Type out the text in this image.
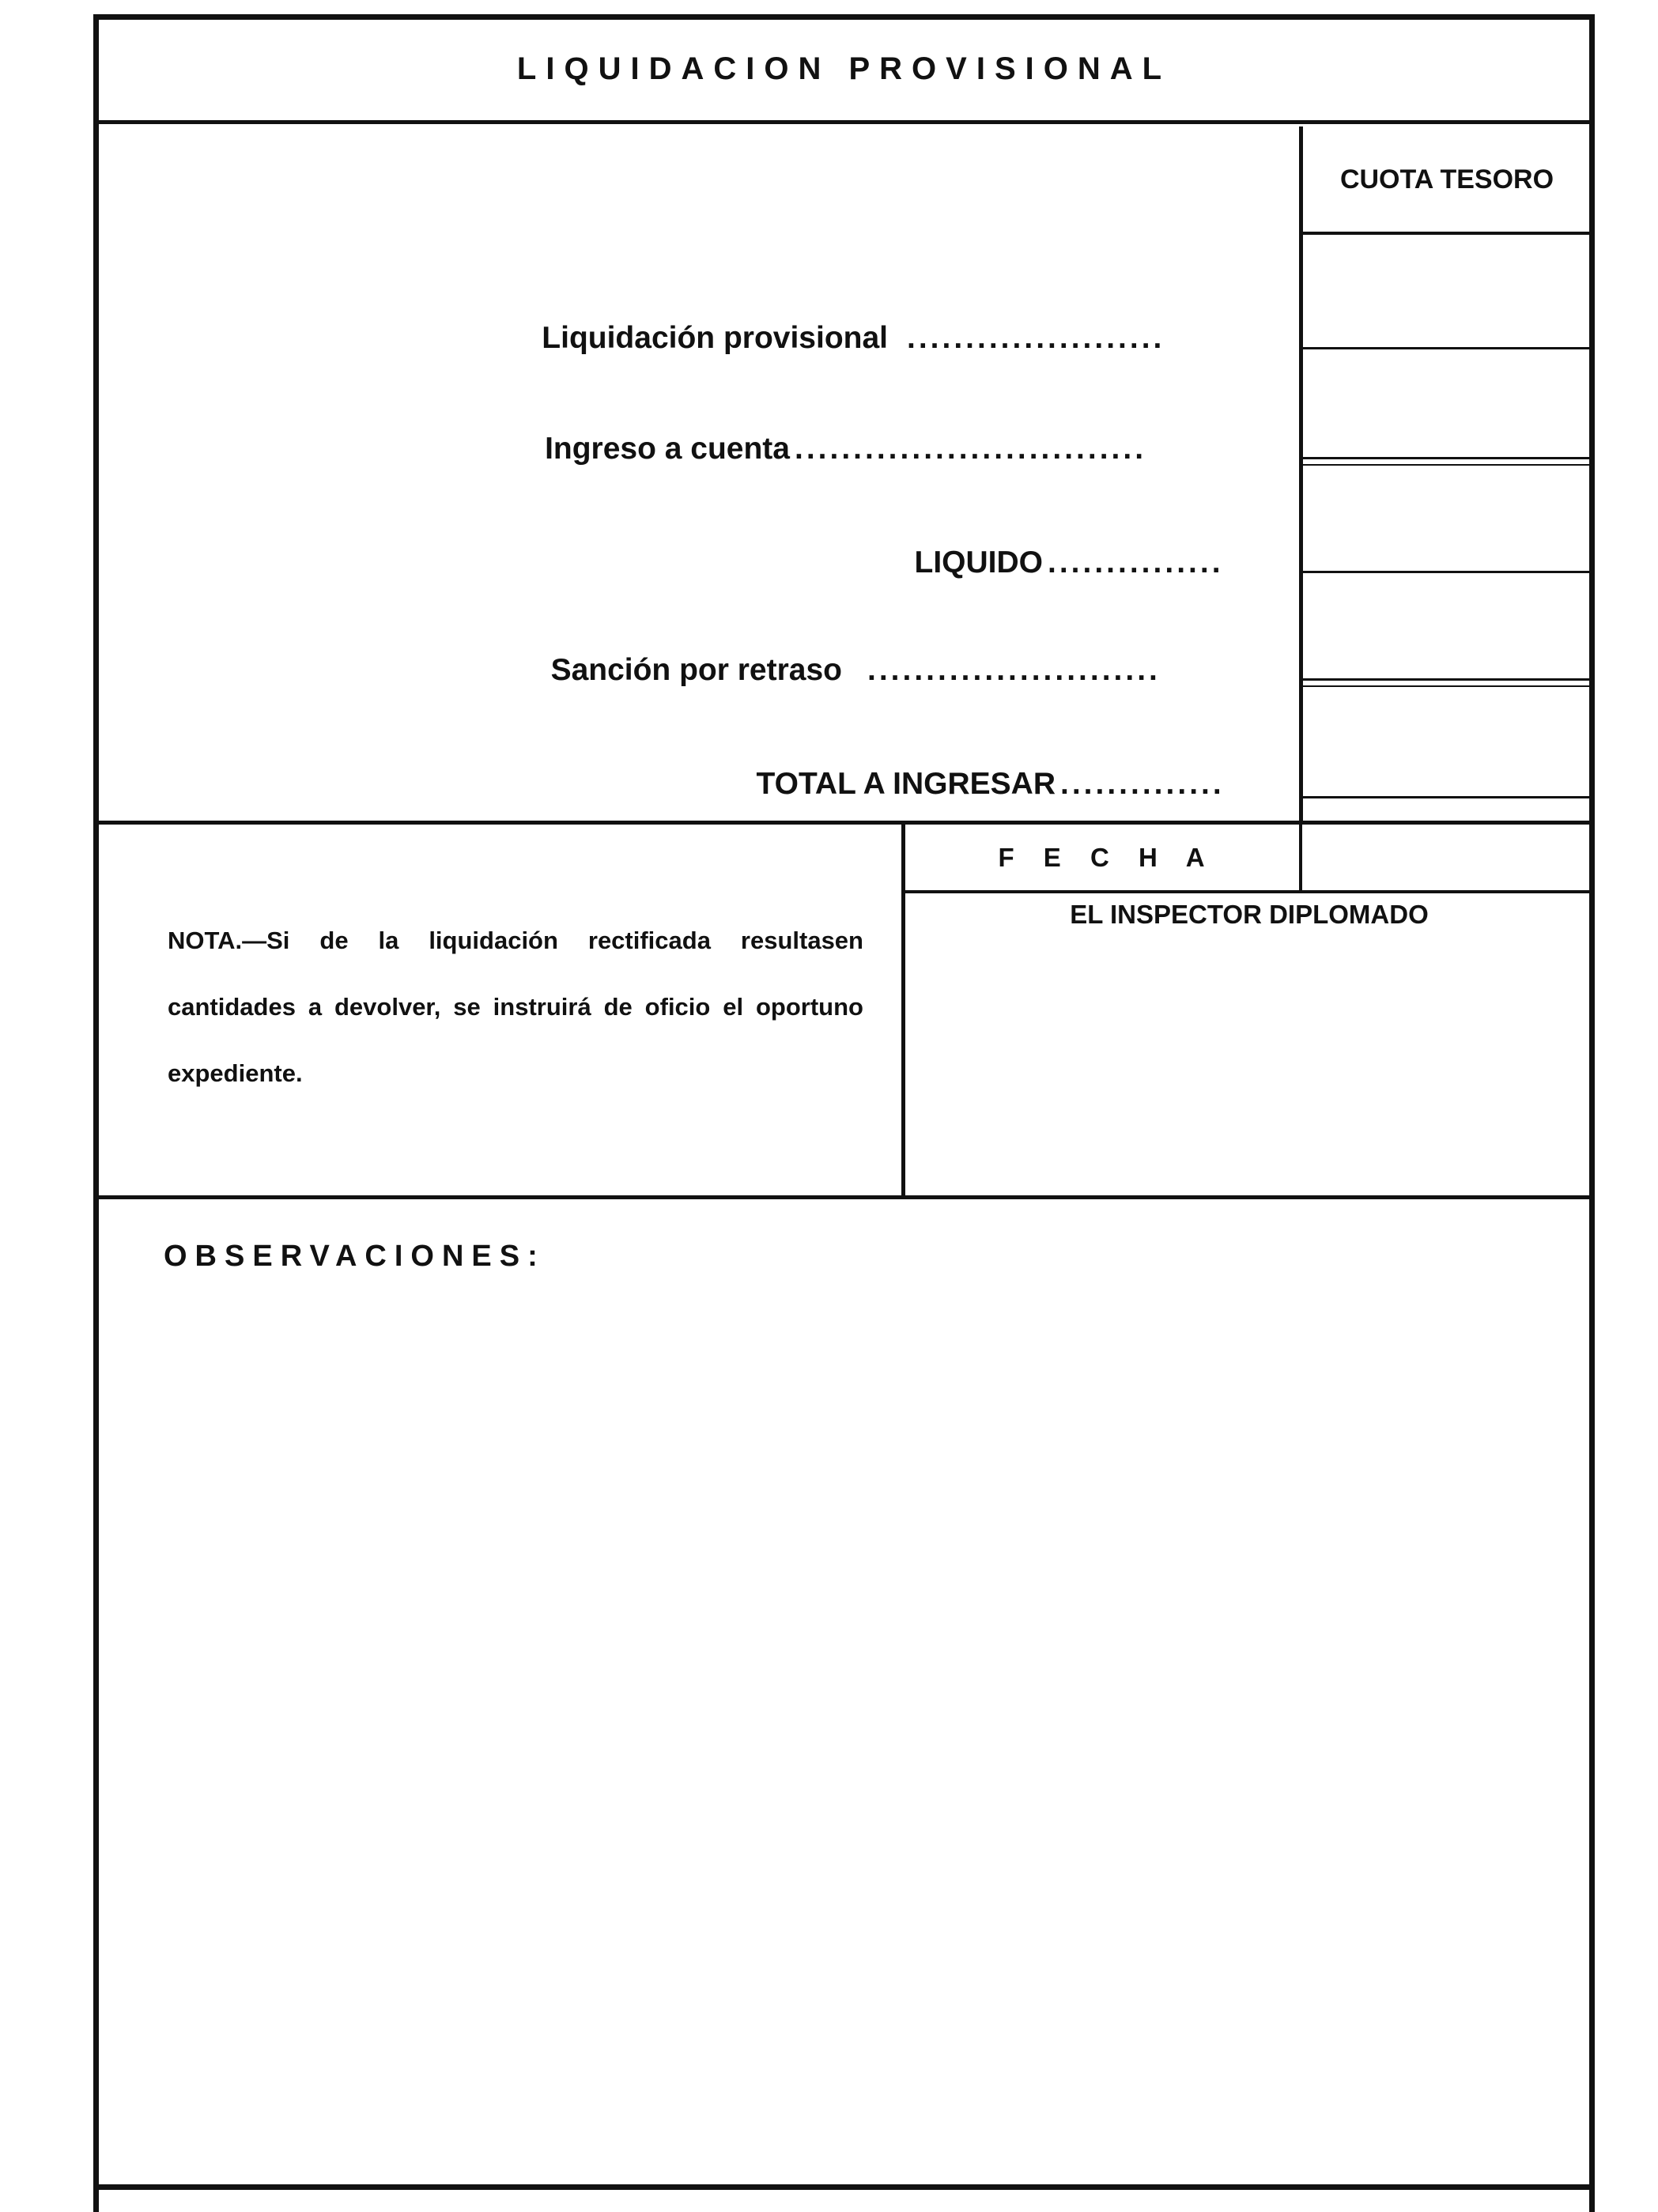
LIQUIDACION PROVISIONAL
CUOTA TESORO
Liquidación provisional ......................
Ingreso a cuenta ..............................
LIQUIDO ...............
Sanción por retraso .........................
TOTAL A INGRESAR ..............
F E C H A
EL INSPECTOR DIPLOMADO
NOTA.—Si de la liquidación rectificada resultasen cantidades a devolver, se instruirá de oficio el oportuno expediente.
OBSERVACIONES:
